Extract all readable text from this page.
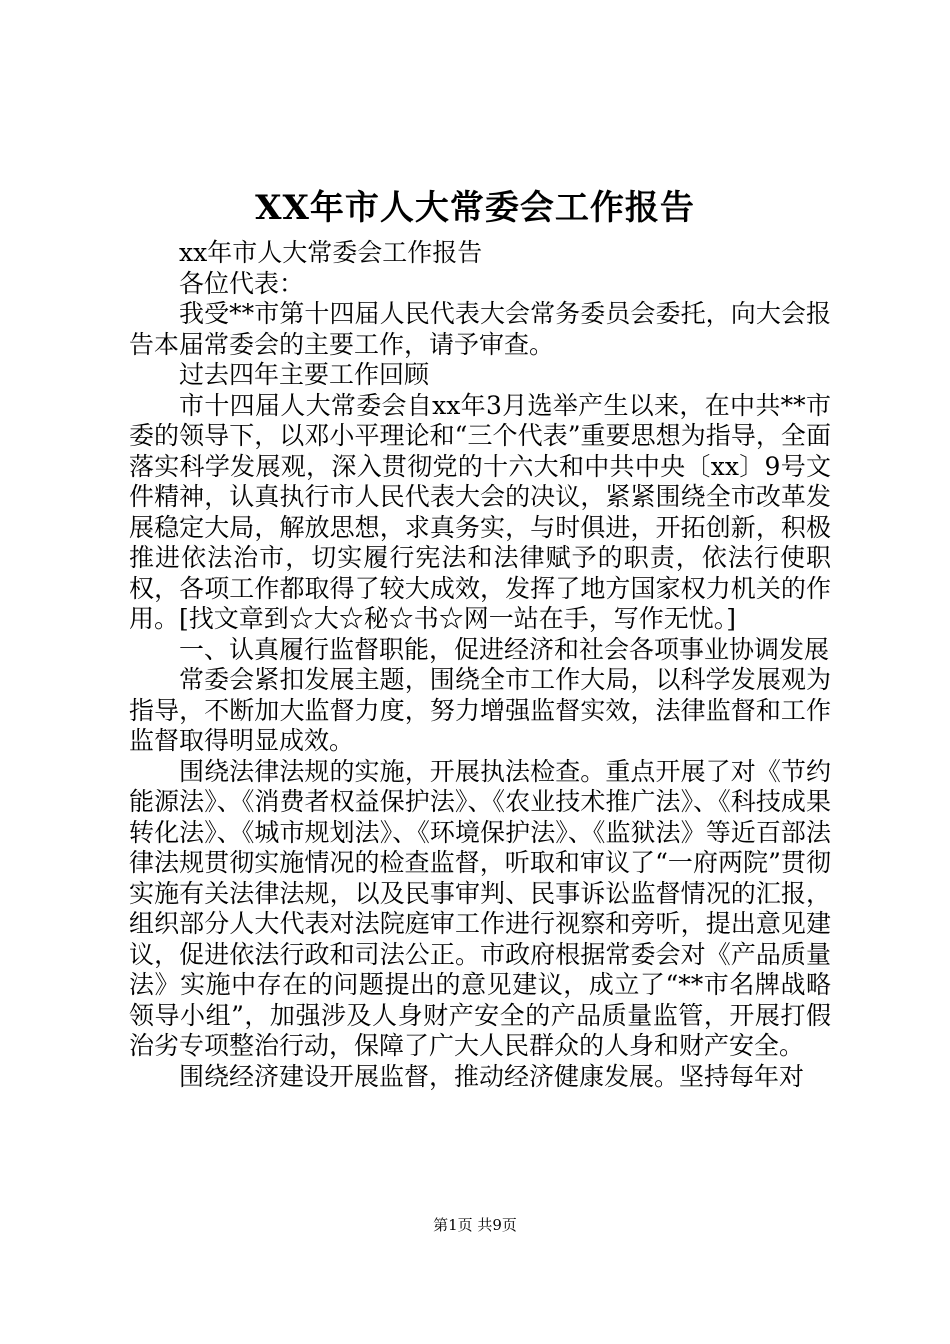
XX年市人大常委会工作报告

xx年市人大常委会工作报告

各位代表：

我受**市第十四届人民代表大会常务委员会委托，向大会报告本届常委会的主要工作，请予审查。

过去四年主要工作回顾

市十四届人大常委会自xx年3月选举产生以来，在中共**市委的领导下，以邓小平理论和“三个代表”重要思想为指导，全面落实科学发展观，深入贯彻党的十六大和中共中央〔xx〕9号文件精神，认真执行市人民代表大会的决议，紧紧围绕全市改革发展稳定大局，解放思想，求真务实，与时俱进，开拓创新，积极推进依法治市，切实履行宪法和法律赋予的职责，依法行使职权，各项工作都取得了较大成效，发挥了地方国家权力机关的作用。[找文章到☆大☆秘☆书☆网一站在手，写作无忧。]

一、认真履行监督职能，促进经济和社会各项事业协调发展

常委会紧扣发展主题，围绕全市工作大局，以科学发展观为指导，不断加大监督力度，努力增强监督实效，法律监督和工作监督取得明显成效。

围绕法律法规的实施，开展执法检查。重点开展了对《节约能源法》、《消费者权益保护法》、《农业技术推广法》、《科技成果转化法》、《城市规划法》、《环境保护法》、《监狱法》等近百部法律法规贯彻实施情况的检查监督，听取和审议了“一府两院”贯彻实施有关法律法规，以及民事审判、民事诉讼监督情况的汇报，组织部分人大代表对法院庭审工作进行视察和旁听，提出意见建议，促进依法行政和司法公正。市政府根据常委会对《产品质量法》实施中存在的问题提出的意见建议，成立了“**市名牌战略领导小组”，加强涉及人身财产安全的产品质量监管，开展打假治劣专项整治行动，保障了广大人民群众的人身和财产安全。

围绕经济建设开展监督，推动经济健康发展。坚持每年对

第1页 共9页
